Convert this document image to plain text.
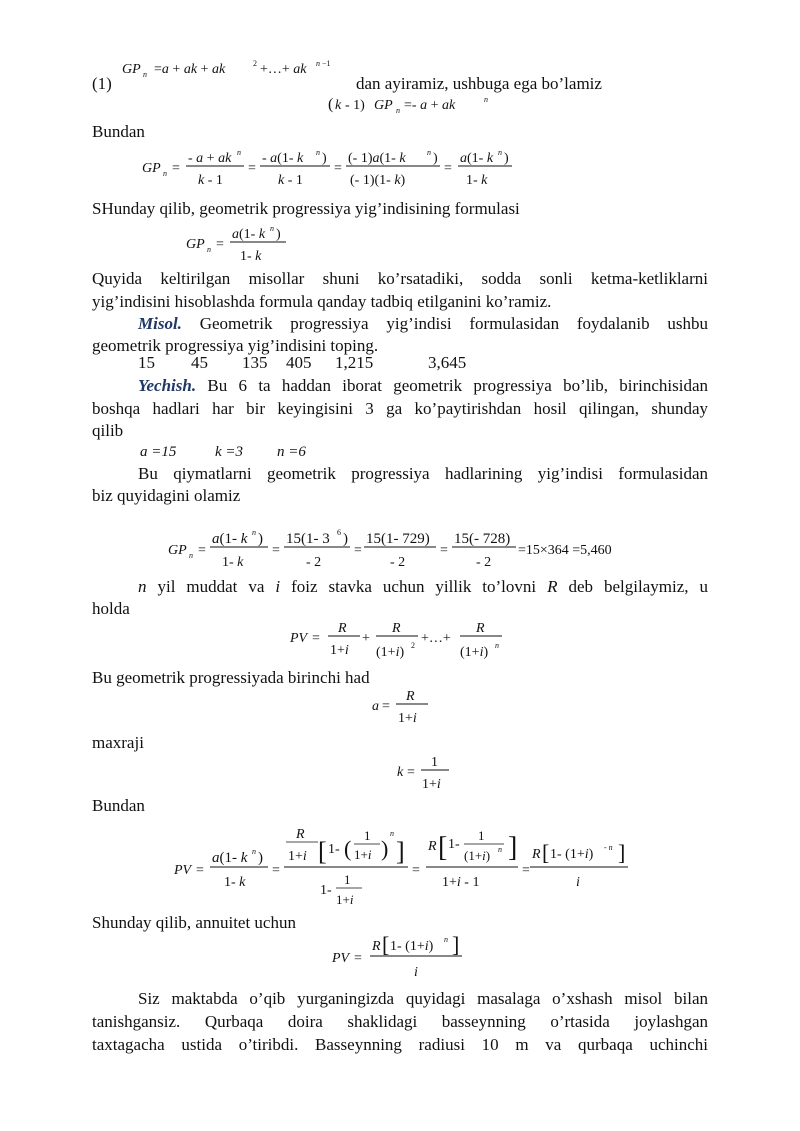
GP n =a + ak + ak	2 +…+ ak n −1
(1)	dan ayiramiz, ushbuga ega bo’lamiz
( k - 1) GP n =- a + ak	n
Bundan
GP n =
- a + ak n
k - 1
=
- a(1- k n )
k - 1
=
(- 1)a(1- k	n )
(- 1)(1- k)
=
a(1- k n )
1- k
SHunday qilib, geometrik progressiya yig’indisining formulasi
GP n =
a(1- k n )
1- k
Quyida keltirilgan misollar shuni ko’rsatadiki, sodda sonli ketma-ketliklarni
yig’indisini hisoblashda formula qanday tadbiq etilganini ko’ramiz.
Misol. Geometrik progressiya yig’indisi formulasidan foydalanib ushbu
geometrik progressiya yig’indisini toping.
15 45 135 405 1,215	3,645
Yechish. Bu 6 ta haddan iborat geometrik progressiya bo’lib, birinchisidan
boshqa hadlari har bir keyingisini 3 ga ko’paytirishdan hosil qilingan, shunday
qilib
a =15	k =3 n =6
Bu qiymatlarni geometrik progressiya hadlarining yig’indisi formulasidan
biz quyidagini olamiz
GP n =
a(1- k n )
1- k
=
15(1- 3 6 )
- 2
=
15(1- 729)
- 2
=
15(- 728)
- 2
=15×364 =5,460
n yil muddat va i foiz stavka uchun yillik to’lovni R deb belgilaymiz, u
holda
PV =
R
1+i
+
R
(1+i) 2 +…+
R
(1+i) n
Bu geometrik progressiyada birinchi had
a =
R
1+i
maxraji
k =
1
1+i
Bundan
PV =
a(1- k n )
1- k
=
R
1+i [ 1- (
1
1+i )
n
]
1-
1
1+i
=
R [ 1-
1
(1+i) n ]
1+i - 1
=
R [ 1- (1+i) - n ]
i
Shunday qilib, annuitet uchun
PV =
R [ 1- (1+i) n ]
i
Siz maktabda o’qib yurganingizda quyidagi masalaga o’xshash misol bilan
tanishgansiz. Qurbaqa doira shaklidagi basseynning o’rtasida joylashgan
taxtagacha ustida o’tiribdi. Basseynning radiusi 10 m va qurbaqa uchinchi
